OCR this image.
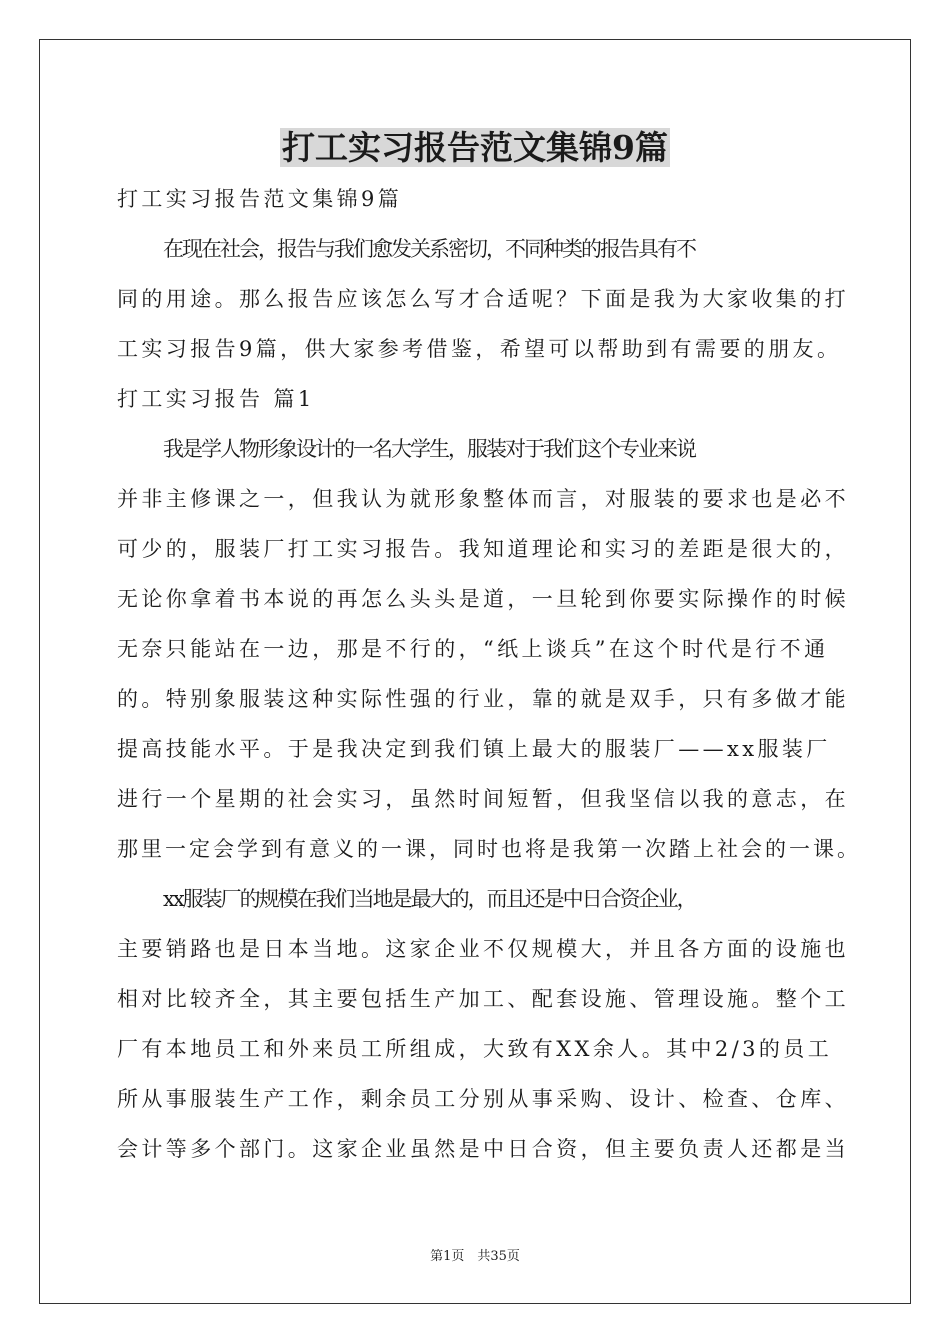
打工实习报告范文集锦9篇
打工实习报告范文集锦9篇
在现在社会，报告与我们愈发关系密切，不同种类的报告具有不
同的用途。那么报告应该怎么写才合适呢？下面是我为大家收集的打
工实习报告9篇，供大家参考借鉴，希望可以帮助到有需要的朋友。
打工实习报告 篇1
我是学人物形象设计的一名大学生，服装对于我们这个专业来说
并非主修课之一，但我认为就形象整体而言，对服装的要求也是必不
可少的，服装厂打工实习报告。我知道理论和实习的差距是很大的，
无论你拿着书本说的再怎么头头是道，一旦轮到你要实际操作的时候
无奈只能站在一边，那是不行的，“纸上谈兵”在这个时代是行不通
的。特别象服装这种实际性强的行业，靠的就是双手，只有多做才能
提高技能水平。于是我决定到我们镇上最大的服装厂——xx服装厂
进行一个星期的社会实习，虽然时间短暂，但我坚信以我的意志，在
那里一定会学到有意义的一课，同时也将是我第一次踏上社会的一课。
xx服装厂的规模在我们当地是最大的，而且还是中日合资企业，
主要销路也是日本当地。这家企业不仅规模大，并且各方面的设施也
相对比较齐全，其主要包括生产加工、配套设施、管理设施。整个工
厂有本地员工和外来员工所组成，大致有XX余人。其中2/3的员工
所从事服装生产工作，剩余员工分别从事采购、设计、检查、仓库、
会计等多个部门。这家企业虽然是中日合资，但主要负责人还都是当
第1页　共35页
